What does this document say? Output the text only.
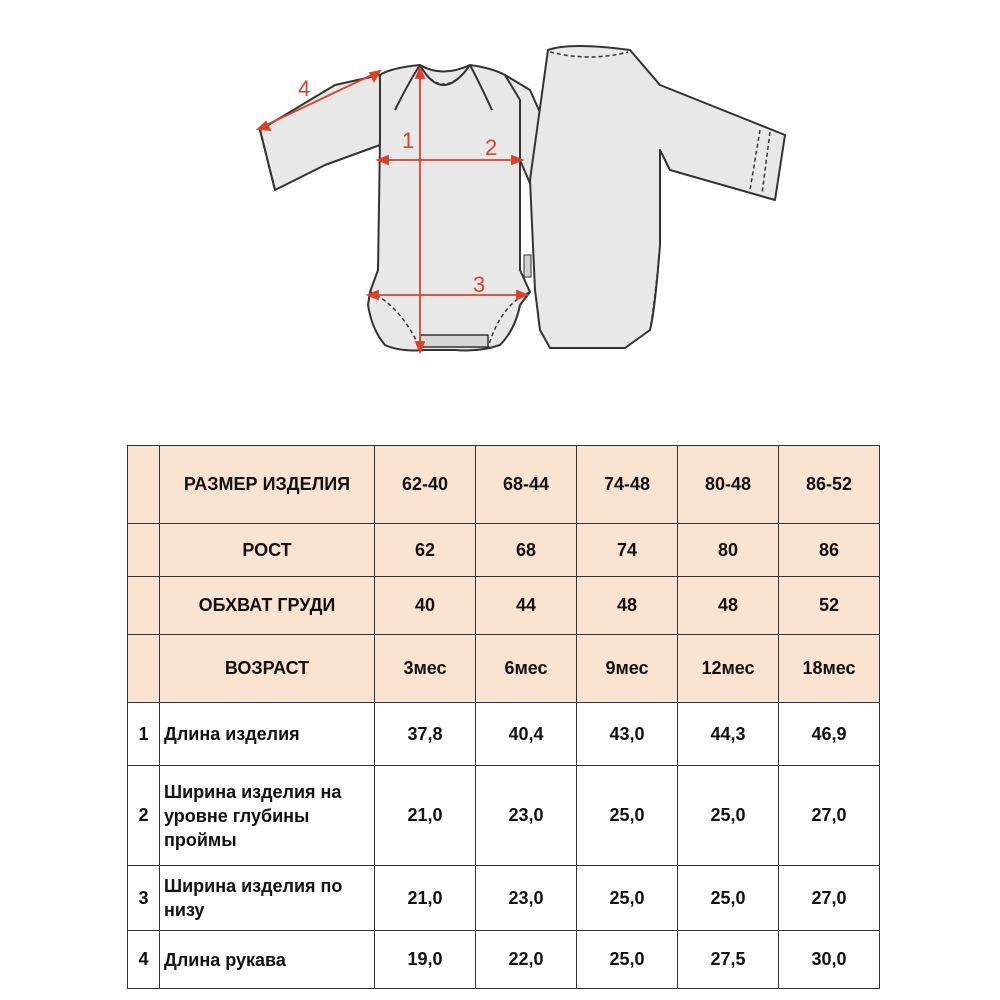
1	2
3
4
	РАЗМЕР ИЗДЕЛИЯ	62-40	68-44	74-48	80-48	86-52
	РОСТ	62	68	74	80	86
	ОБХВАТ ГРУДИ	40	44	48	48	52
	ВОЗРАСТ	3мес	6мес	9мес	12мес	18мес
1	Длина изделия	37,8	40,4	43,0	44,3	46,9
2	Ширина изделия на уровне глубины проймы	21,0	23,0	25,0	25,0	27,0
3	Ширина изделия по низу	21,0	23,0	25,0	25,0	27,0
4	Длина рукава	19,0	22,0	25,0	27,5	30,0
